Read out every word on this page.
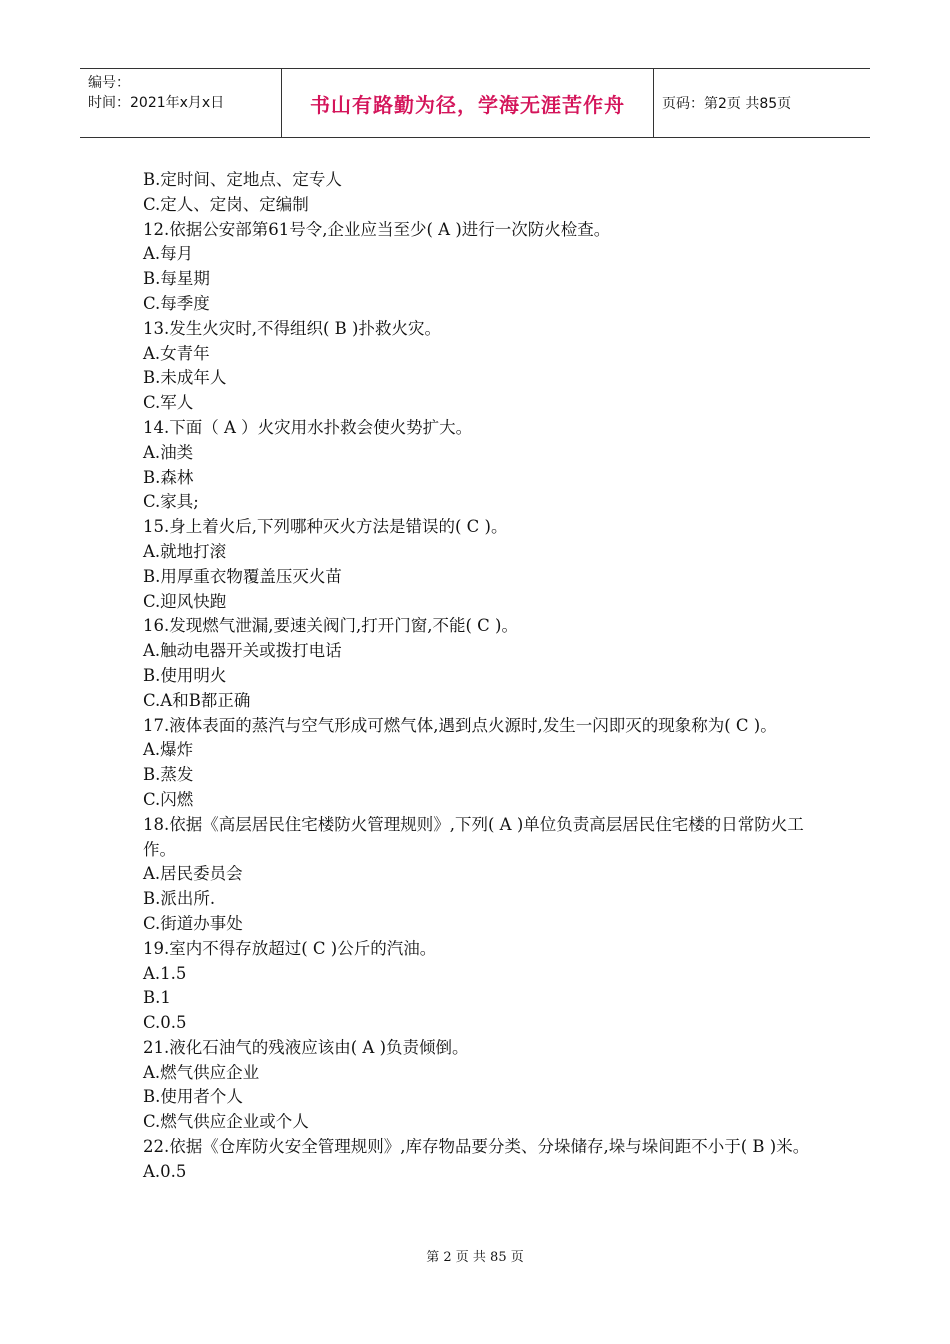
编号：
时间：2021年x月x日	书山有路勤为径，学海无涯苦作舟	页码：第2页 共85页
B.定时间、定地点、定专人
C.定人、定岗、定编制
12.依据公安部第61号令,企业应当至少( A )进行一次防火检查。
A.每月
B.每星期
C.每季度
13.发生火灾时,不得组织( B )扑救火灾。
A.女青年
B.未成年人
C.军人
14.下面（ A ）火灾用水扑救会使火势扩大。
A.油类
B.森林
C.家具;
15.身上着火后,下列哪种灭火方法是错误的( C )。
A.就地打滚
B.用厚重衣物覆盖压灭火苗
C.迎风快跑
16.发现燃气泄漏,要速关阀门,打开门窗,不能( C )。
A.触动电器开关或拨打电话
B.使用明火
C.A和B都正确
17.液体表面的蒸汽与空气形成可燃气体,遇到点火源时,发生一闪即灭的现象称为( C )。
A.爆炸
B.蒸发
C.闪燃
18.依据《高层居民住宅楼防火管理规则》,下列( A )单位负责高层居民住宅楼的日常防火工作。
A.居民委员会
B.派出所.
C.街道办事处
19.室内不得存放超过( C )公斤的汽油。
A.1.5
B.1
C.0.5
21.液化石油气的残液应该由( A )负责倾倒。
A.燃气供应企业
B.使用者个人
C.燃气供应企业或个人
22.依据《仓库防火安全管理规则》,库存物品要分类、分垛储存,垛与垛间距不小于( B )米。
A.0.5
第 2 页 共 85 页
